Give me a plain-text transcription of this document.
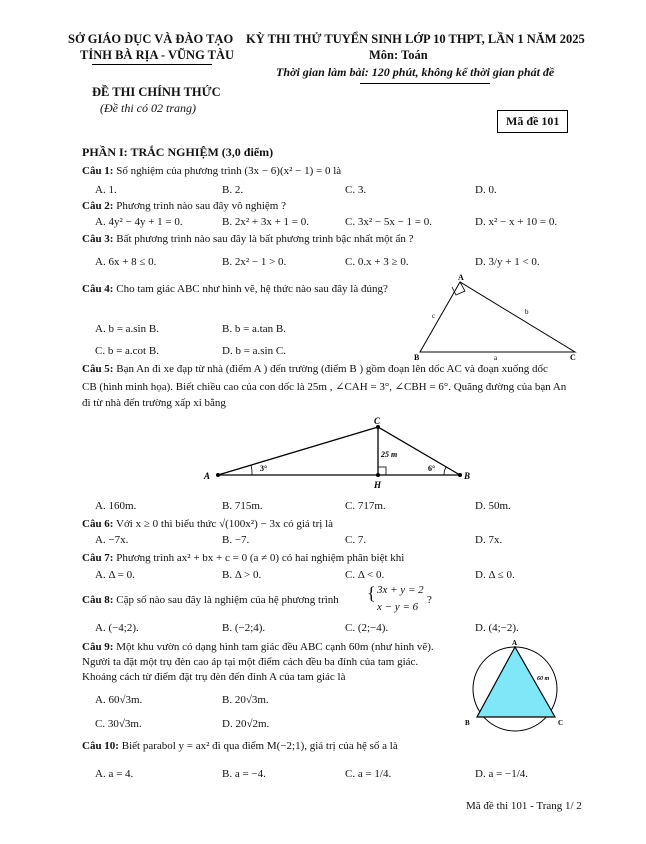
SỞ GIÁO DỤC VÀ ĐÀO TẠO
TỈNH BÀ RỊA - VŨNG TÀU
KỲ THI THỬ TUYỂN SINH LỚP 10 THPT, LẦN 1 NĂM 2025
Môn: Toán
Thời gian làm bài: 120 phút, không kể thời gian phát đề
ĐỀ THI CHÍNH THỨC
(Đề thi có 02 trang)
Mã đề 101
PHẦN I: TRẮC NGHIỆM (3,0 điểm)
Câu 1: Số nghiệm của phương trình (3x − 6)(x² − 1) = 0 là
A. 1.	B. 2.	C. 3.	D. 0.
Câu 2: Phương trình nào sau đây vô nghiệm ?
A. 4y² − 4y + 1 = 0.	B. 2x² + 3x + 1 = 0.	C. 3x² − 5x − 1 = 0.	D. x² − x + 10 = 0.
Câu 3: Bất phương trình nào sau đây là bất phương trình bậc nhất một ẩn ?
A. 6x + 8 ≤ 0.	B. 2x² − 1 > 0.	C. 0.x + 3 ≥ 0.	D. 3/y + 1 < 0.
Câu 4: Cho tam giác ABC như hình vẽ, hệ thức nào sau đây là đúng?
A. b = a.sin B.	B. b = a.tan B.
C. b = a.cot B.	D. b = a.sin C.
A
B	C
c	b
a
Câu 5: Bạn An đi xe đạp từ nhà (điểm A ) đến trường (điểm B ) gồm đoạn lên dốc AC và đoạn xuống dốc
CB (hình minh họa). Biết chiều cao của con dốc là 25m , ∠CAH = 3°, ∠CBH = 6°. Quãng đường của bạn An
đi từ nhà đến trường xấp xỉ bằng
A	B
C
H
25 m
3°	6°
A. 160m.	B. 715m.	C. 717m.	D. 50m.
Câu 6: Với x ≥ 0 thì biểu thức √(100x²) − 3x có giá trị là
A. −7x.	B. −7.	C. 7.	D. 7x.
Câu 7: Phương trình ax² + bx + c = 0 (a ≠ 0) có hai nghiệm phân biệt khi
A. Δ = 0.	B. Δ > 0.	C. Δ < 0.	D. Δ ≤ 0.
Câu 8: Cặp số nào sau đây là nghiệm của hệ phương trình { 3x + y = 2
x − y = 6
?
A. (−4;2).	B. (−2;4).	C. (2;−4).	D. (4;−2).
Câu 9: Một khu vườn có dạng hình tam giác đều ABC cạnh 60m (như hình vẽ).
Người ta đặt một trụ đèn cao áp tại một điểm cách đều ba đỉnh của tam giác.
Khoảng cách từ điểm đặt trụ đèn đến đỉnh A của tam giác là
A
B	C
60 m
A. 60√3m.	B. 20√3m.
C. 30√3m.	D. 20√2m.
Câu 10: Biết parabol y = ax² đi qua điểm M(−2;1), giá trị của hệ số a là
A. a = 4.	B. a = −4.	C. a = 1/4.	D. a = −1/4.
Mã đề thi 101 - Trang 1/ 2
